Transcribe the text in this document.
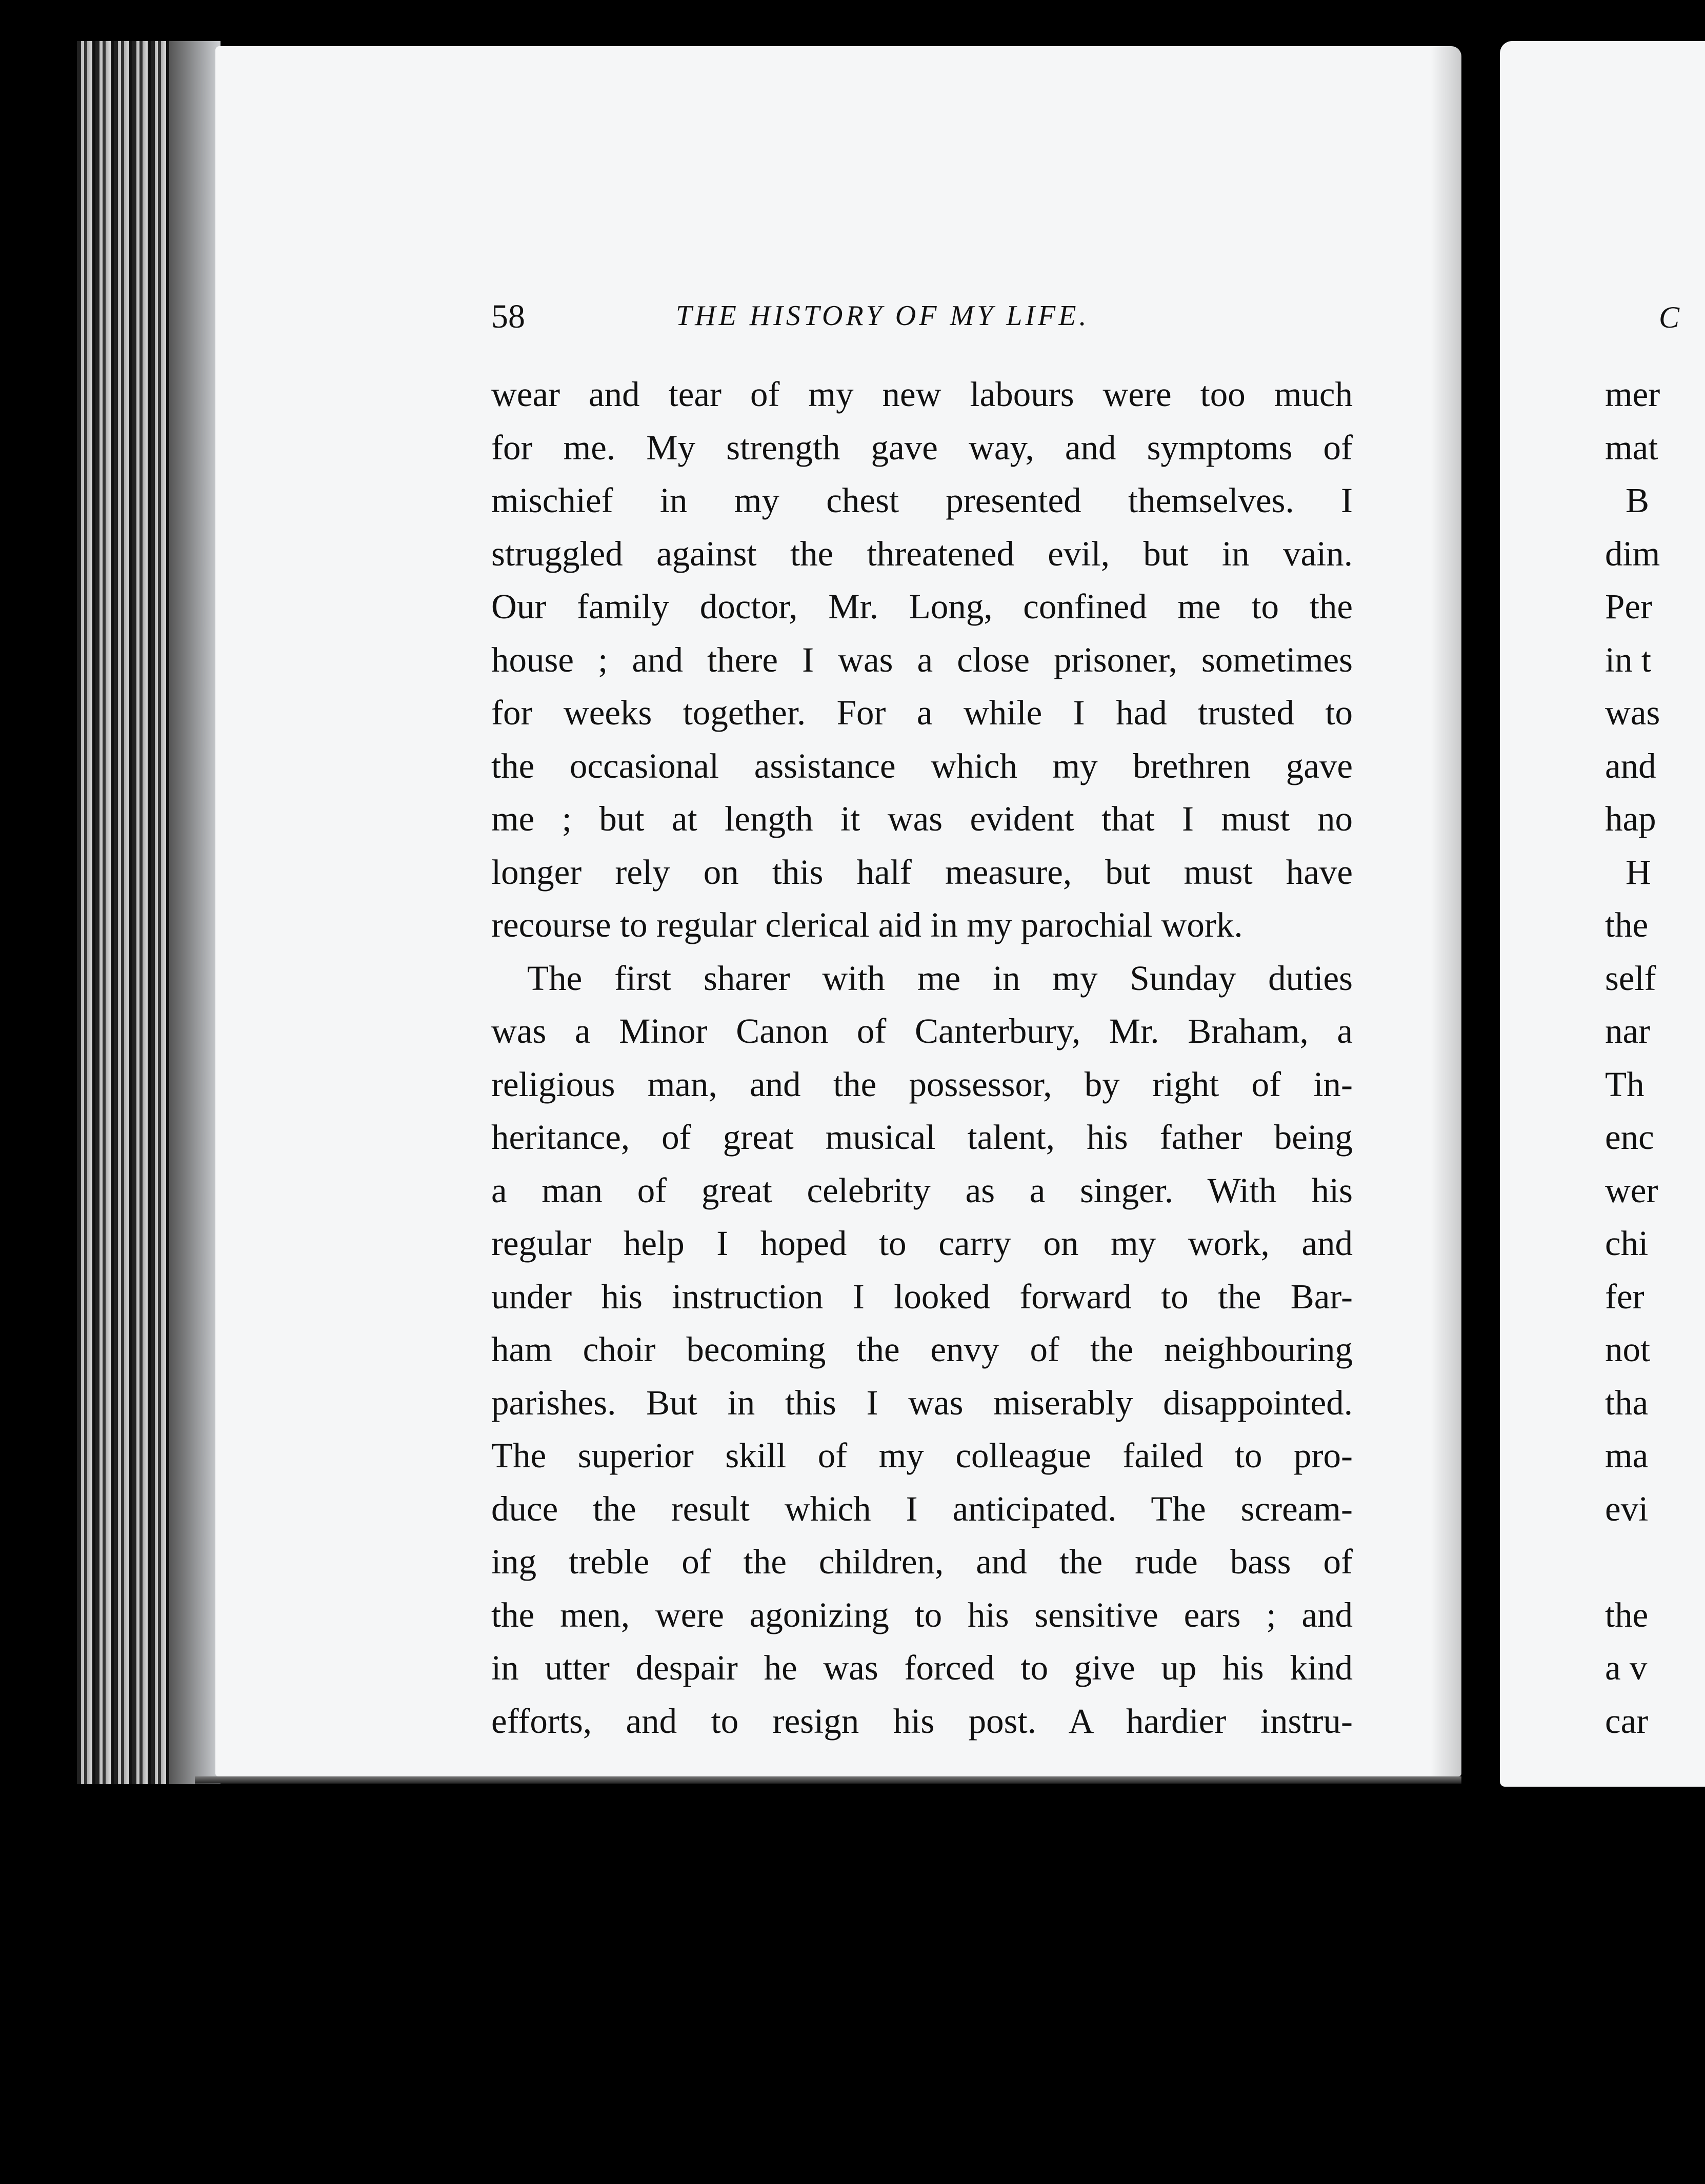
58	THE HISTORY OF MY LIFE.
wear and tear of my new labours were too much
for me. My strength gave way, and symptoms of
mischief in my chest presented themselves. I
struggled against the threatened evil, but in vain.
Our family doctor, Mr. Long, confined me to the
house ; and there I was a close prisoner, sometimes
for weeks together. For a while I had trusted to
the occasional assistance which my brethren gave
me ; but at length it was evident that I must no
longer rely on this half measure, but must have
recourse to regular clerical aid in my parochial work.
The first sharer with me in my Sunday duties
was a Minor Canon of Canterbury, Mr. Braham, a
religious man, and the possessor, by right of in-
heritance, of great musical talent, his father being
a man of great celebrity as a singer. With his
regular help I hoped to carry on my work, and
under his instruction I looked forward to the Bar-
ham choir becoming the envy of the neighbouring
parishes. But in this I was miserably disappointed.
The superior skill of my colleague failed to pro-
duce the result which I anticipated. The scream-
ing treble of the children, and the rude bass of
the men, were agonizing to his sensitive ears ; and
in utter despair he was forced to give up his kind
efforts, and to resign his post. A hardier instru-
C
mer
mat
B
dim
Per
in t
was
and
hap
H
the
self
nar
Th
enc
wer
chi
fer
not
tha
ma
evi
the
a v
car
